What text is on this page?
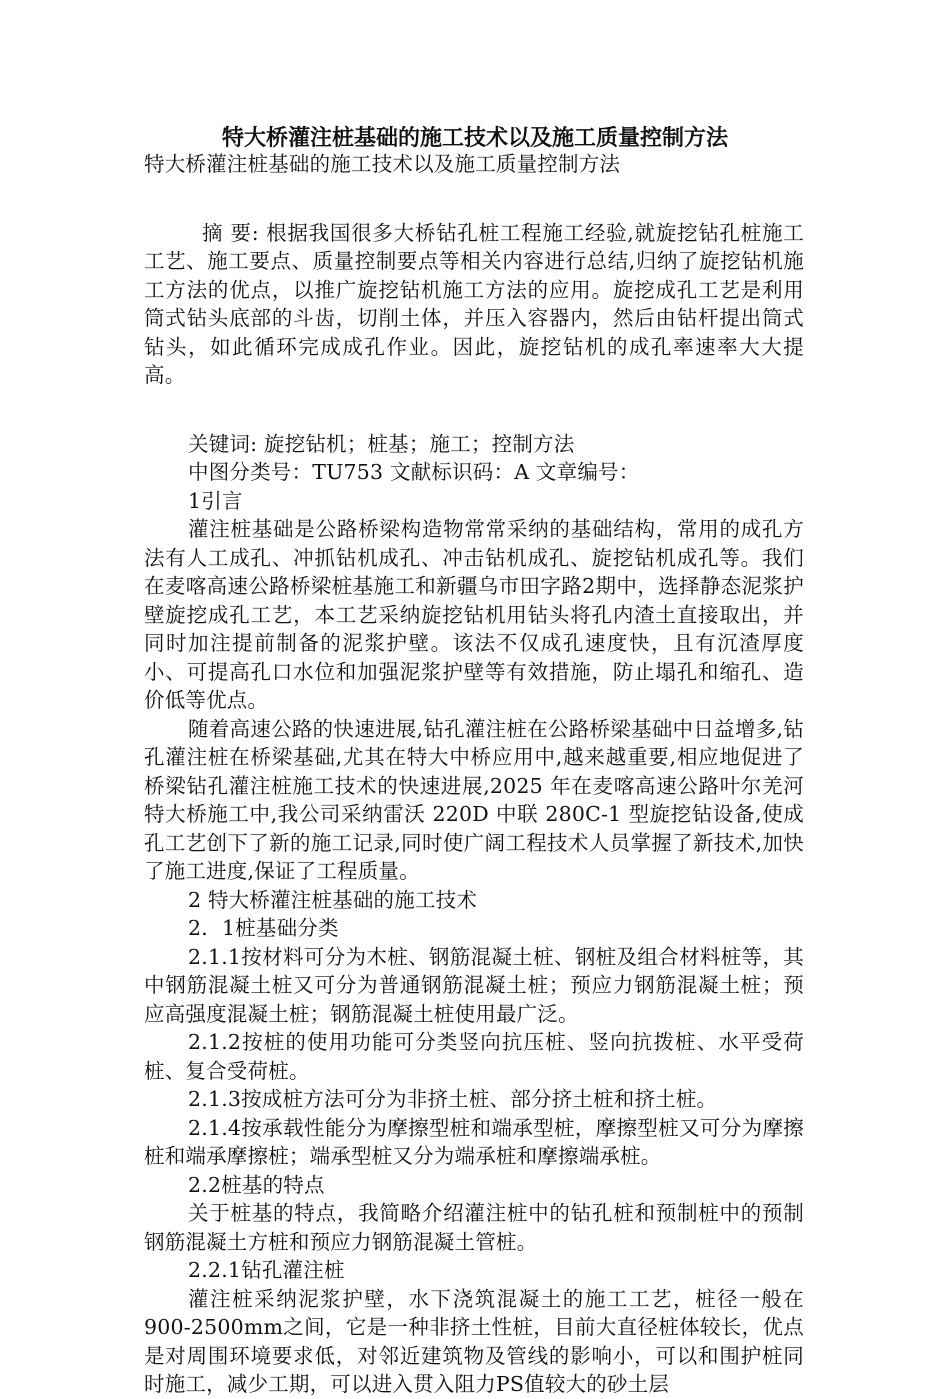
特大桥灌注桩基础的施工技术以及施工质量控制方法

特大桥灌注桩基础的施工技术以及施工质量控制方法

摘 要: 根据我国很多大桥钻孔桩工程施工经验,就旋挖钻孔桩施工工艺、施工要点、质量控制要点等相关内容进行总结,归纳了旋挖钻机施工方法的优点，以推广旋挖钻机施工方法的应用。旋挖成孔工艺是利用筒式钻头底部的斗齿，切削土体，并压入容器内，然后由钻杆提出筒式钻头，如此循环完成成孔作业。因此，旋挖钻机的成孔率速率大大提高。

关键词: 旋挖钻机；桩基；施工；控制方法

中图分类号：TU753 文献标识码：A 文章编号：

1引言

灌注桩基础是公路桥梁构造物常常采纳的基础结构，常用的成孔方法有人工成孔、冲抓钻机成孔、冲击钻机成孔、旋挖钻机成孔等。我们在麦喀高速公路桥梁桩基施工和新疆乌市田字路2期中，选择静态泥浆护壁旋挖成孔工艺，本工艺采纳旋挖钻机用钻头将孔内渣土直接取出，并同时加注提前制备的泥浆护壁。该法不仅成孔速度快，且有沉渣厚度小、可提高孔口水位和加强泥浆护壁等有效措施，防止塌孔和缩孔、造价低等优点。

随着高速公路的快速进展,钻孔灌注桩在公路桥梁基础中日益增多,钻孔灌注桩在桥梁基础,尤其在特大中桥应用中,越来越重要,相应地促进了桥梁钻孔灌注桩施工技术的快速进展,2025 年在麦喀高速公路叶尔羌河特大桥施工中,我公司采纳雷沃 220D 中联 280C-1 型旋挖钻设备,使成孔工艺创下了新的施工记录,同时使广阔工程技术人员掌握了新技术,加快了施工进度,保证了工程质量。

2 特大桥灌注桩基础的施工技术

2．1桩基础分类

2.1.1按材料可分为木桩、钢筋混凝土桩、钢桩及组合材料桩等，其中钢筋混凝土桩又可分为普通钢筋混凝土桩；预应力钢筋混凝土桩；预应高强度混凝土桩；钢筋混凝土桩使用最广泛。

2.1.2按桩的使用功能可分类竖向抗压桩、竖向抗拨桩、水平受荷桩、复合受荷桩。

2.1.3按成桩方法可分为非挤土桩、部分挤土桩和挤土桩。

2.1.4按承载性能分为摩擦型桩和端承型桩，摩擦型桩又可分为摩擦桩和端承摩擦桩；端承型桩又分为端承桩和摩擦端承桩。

2.2桩基的特点

关于桩基的特点，我简略介绍灌注桩中的钻孔桩和预制桩中的预制钢筋混凝土方桩和预应力钢筋混凝土管桩。

2.2.1钻孔灌注桩

灌注桩采纳泥浆护壁，水下浇筑混凝土的施工工艺，桩径一般在900-2500mm之间，它是一种非挤土性桩，目前大直径桩体较长，优点是对周围环境要求低，对邻近建筑物及管线的影响小，可以和围护桩同时施工，减少工期，可以进入贯入阻力PS值较大的砂土层
